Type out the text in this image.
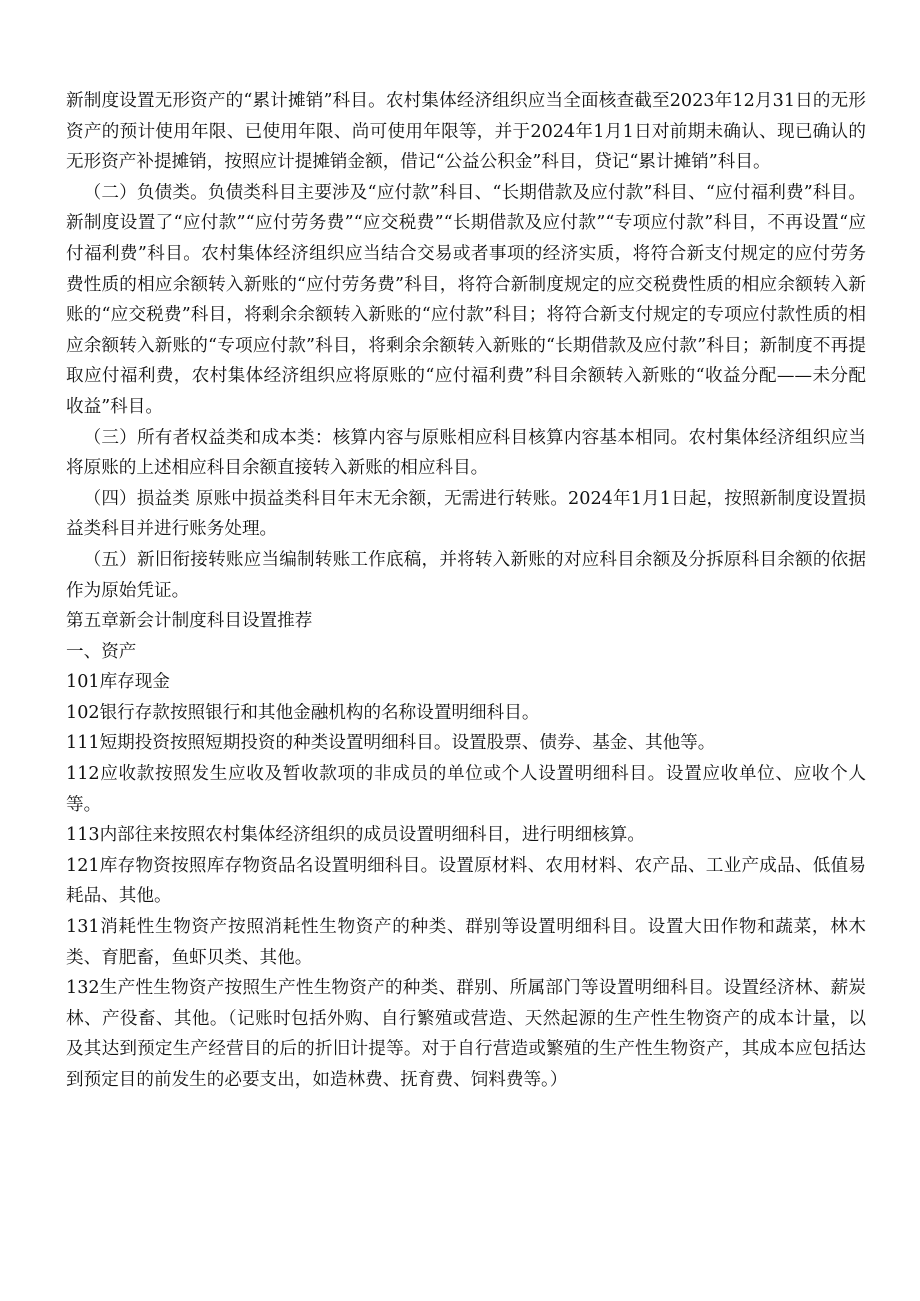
新制度设置无形资产的“累计摊销”科目。农村集体经济组织应当全面核查截至2023年12月31日的无形资产的预计使用年限、已使用年限、尚可使用年限等，并于2024年1月1日对前期未确认、现已确认的无形资产补提摊销，按照应计提摊销金额，借记“公益公积金”科目，贷记“累计摊销”科目。

（二）负债类。负债类科目主要涉及“应付款”科目、“长期借款及应付款”科目、“应付福利费”科目。新制度设置了“应付款”“应付劳务费”“应交税费”“长期借款及应付款”“专项应付款”科目，不再设置“应付福利费”科目。农村集体经济组织应当结合交易或者事项的经济实质，将符合新支付规定的应付劳务费性质的相应余额转入新账的“应付劳务费”科目，将符合新制度规定的应交税费性质的相应余额转入新账的“应交税费”科目，将剩余余额转入新账的“应付款”科目；将符合新支付规定的专项应付款性质的相应余额转入新账的“专项应付款”科目，将剩余余额转入新账的“长期借款及应付款”科目；新制度不再提取应付福利费，农村集体经济组织应将原账的“应付福利费”科目余额转入新账的“收益分配——未分配收益”科目。

（三）所有者权益类和成本类：核算内容与原账相应科目核算内容基本相同。农村集体经济组织应当将原账的上述相应科目余额直接转入新账的相应科目。

（四）损益类 原账中损益类科目年末无余额，无需进行转账。2024年1月1日起，按照新制度设置损益类科目并进行账务处理。

（五）新旧衔接转账应当编制转账工作底稿，并将转入新账的对应科目余额及分拆原科目余额的依据作为原始凭证。

第五章新会计制度科目设置推荐

一、资产

101库存现金

102银行存款按照银行和其他金融机构的名称设置明细科目。

111短期投资按照短期投资的种类设置明细科目。设置股票、债券、基金、其他等。

112应收款按照发生应收及暂收款项的非成员的单位或个人设置明细科目。设置应收单位、应收个人等。

113内部往来按照农村集体经济组织的成员设置明细科目，进行明细核算。

121库存物资按照库存物资品名设置明细科目。设置原材料、农用材料、农产品、工业产成品、低值易耗品、其他。

131消耗性生物资产按照消耗性生物资产的种类、群别等设置明细科目。设置大田作物和蔬菜，林木类、育肥畜，鱼虾贝类、其他。

132生产性生物资产按照生产性生物资产的种类、群别、所属部门等设置明细科目。设置经济林、薪炭林、产役畜、其他。（记账时包括外购、自行繁殖或营造、天然起源的生产性生物资产的成本计量，以及其达到预定生产经营目的后的折旧计提等。对于自行营造或繁殖的生产性生物资产，其成本应包括达到预定目的前发生的必要支出，如造林费、抚育费、饲料费等。）
